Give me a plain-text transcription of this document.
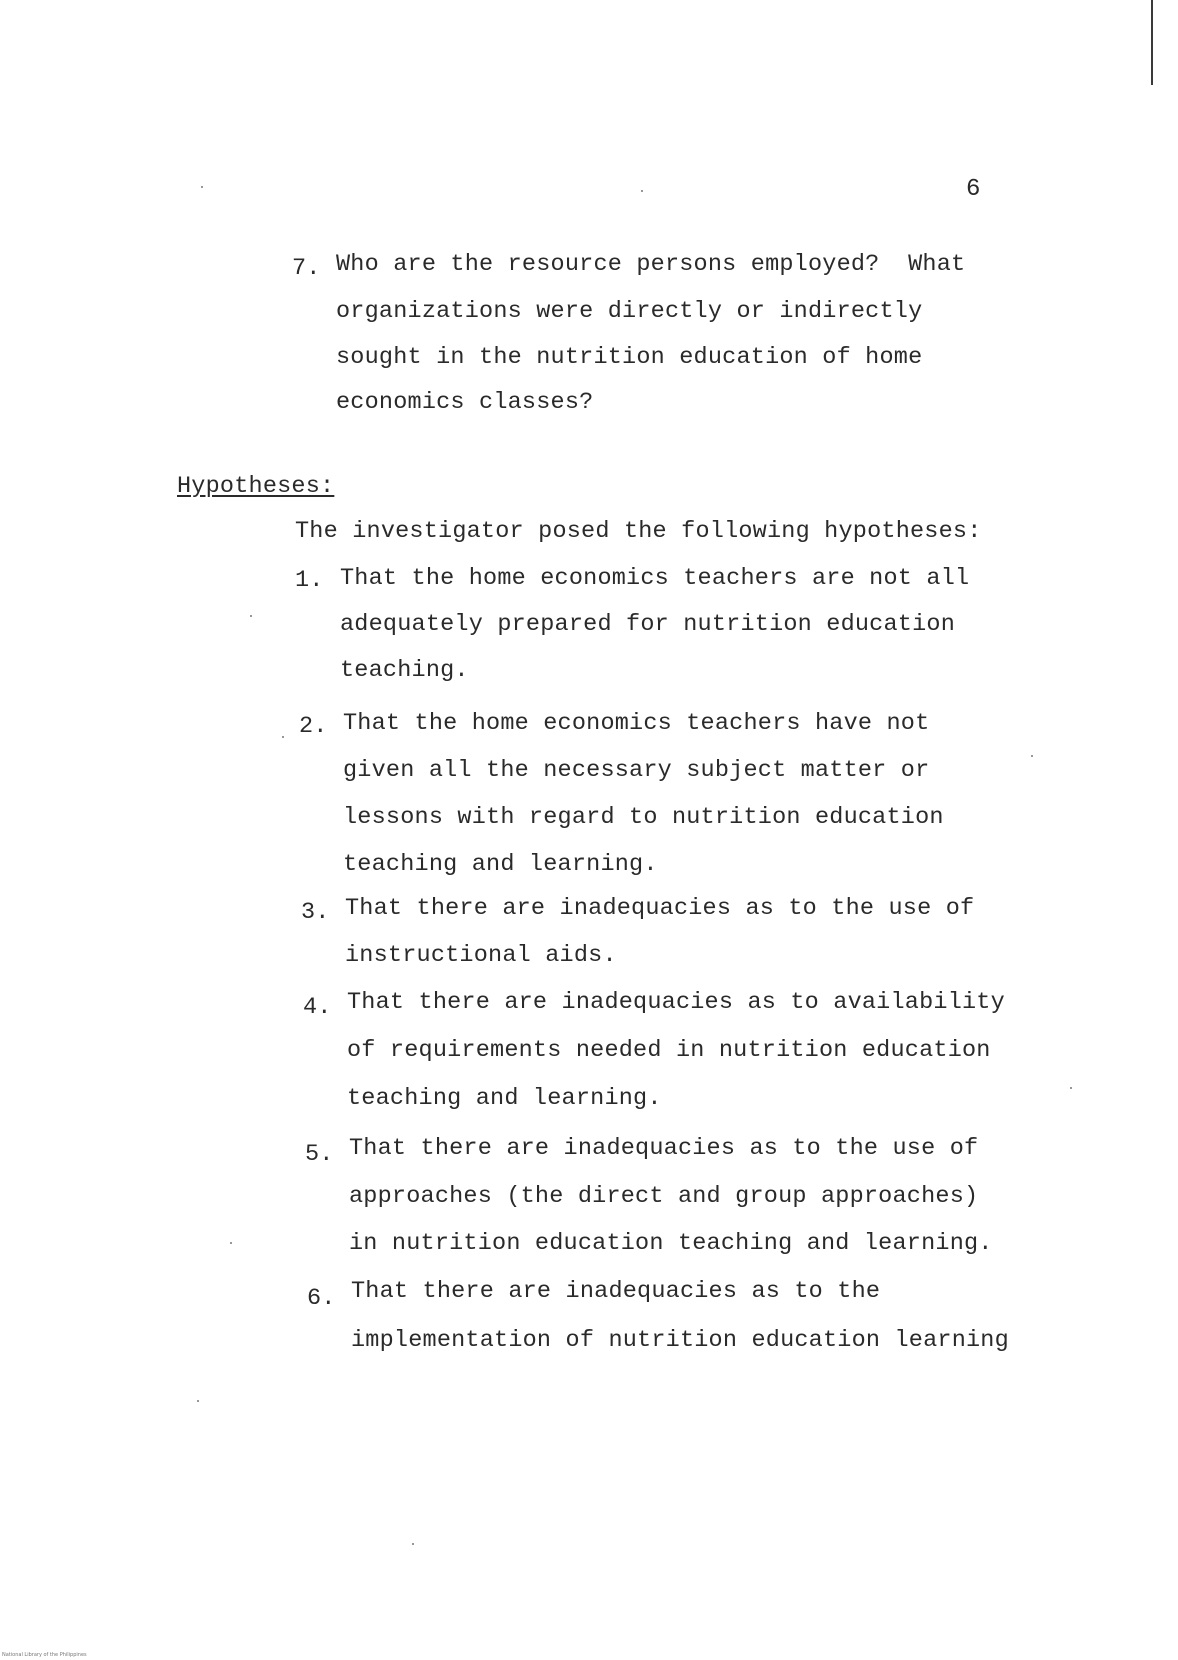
6
7. Who are the resource persons employed?  What
organizations were directly or indirectly
sought in the nutrition education of home
economics classes?
Hypotheses:
The investigator posed the following hypotheses:
1. That the home economics teachers are not all
adequately prepared for nutrition education
teaching.
2. That the home economics teachers have not
given all the necessary subject matter or
lessons with regard to nutrition education
teaching and learning.
3. That there are inadequacies as to the use of
instructional aids.
4. That there are inadequacies as to availability
of requirements needed in nutrition education
teaching and learning.
5. That there are inadequacies as to the use of
approaches (the direct and group approaches)
in nutrition education teaching and learning.
6. That there are inadequacies as to the
implementation of nutrition education learning
National Library of the Philippines
